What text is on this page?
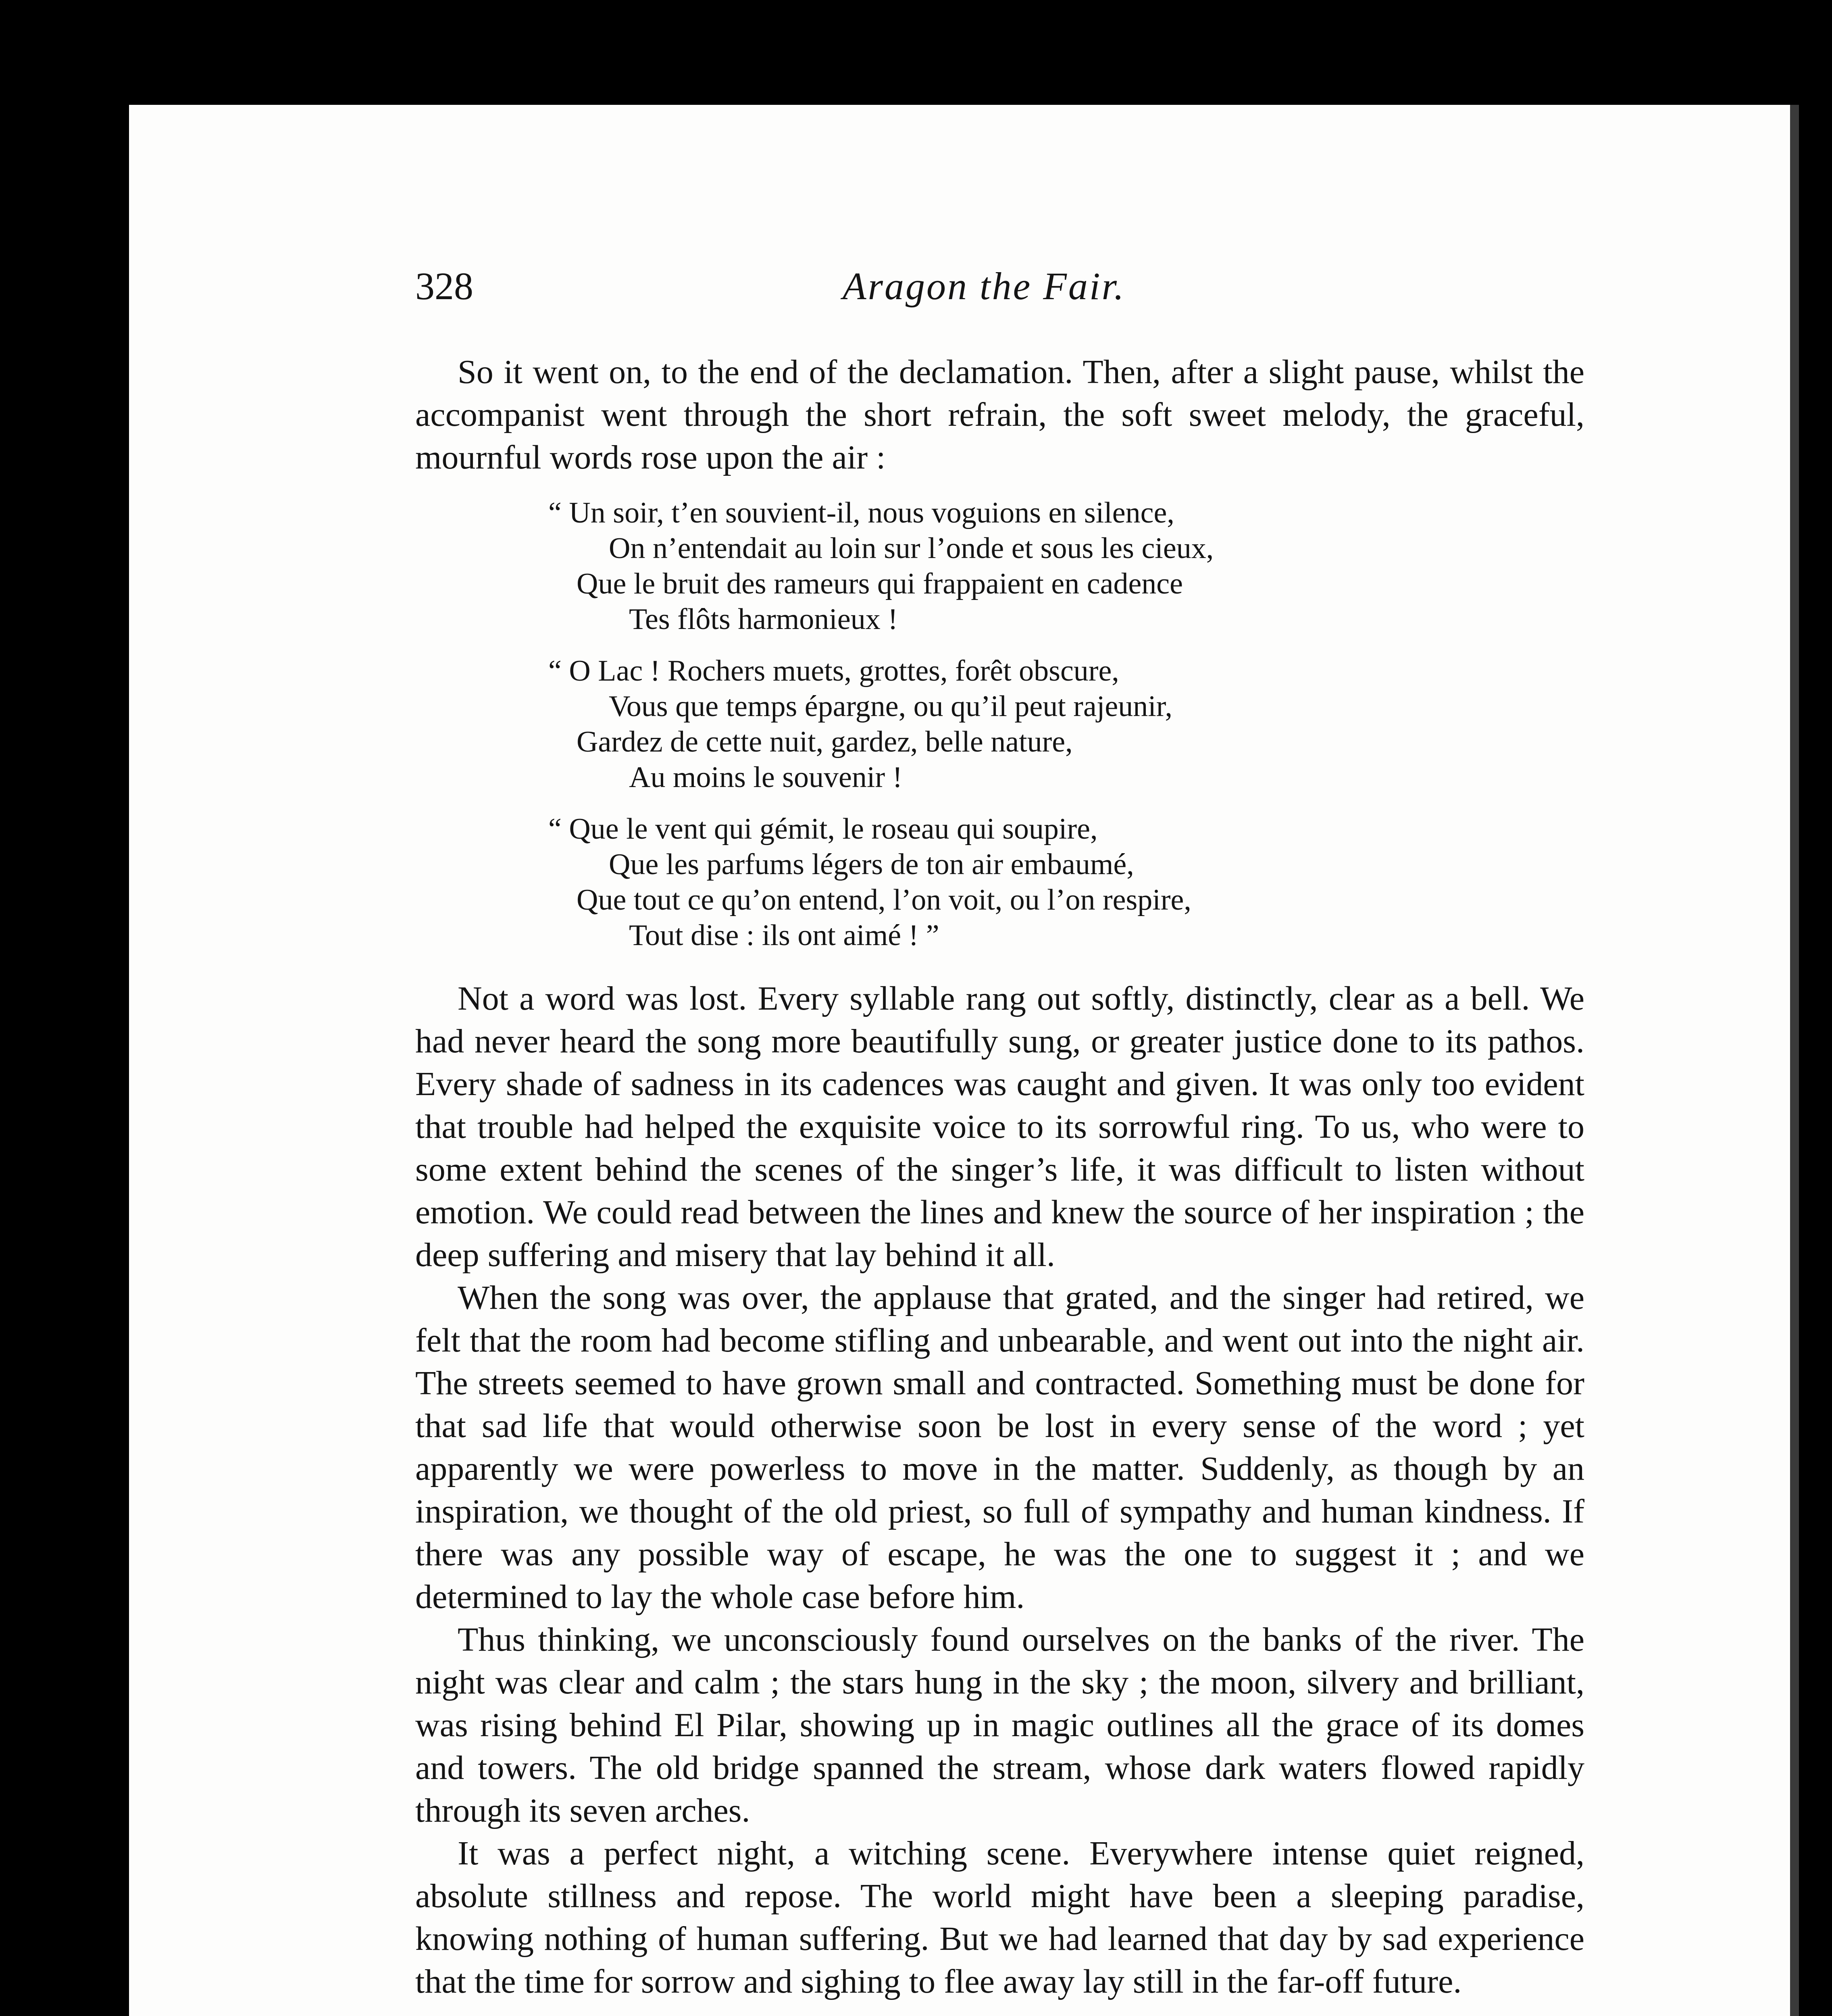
328	Aragon the Fair.

So it went on, to the end of the declamation. Then, after a slight pause, whilst the accompanist went through the short refrain, the soft sweet melody, the graceful, mournful words rose upon the air :

“ Un soir, t’en souvient-il, nous voguions en silence,
On n’entendait au loin sur l’onde et sous les cieux,
Que le bruit des rameurs qui frappaient en cadence
Tes flôts harmonieux !
“ O Lac ! Rochers muets, grottes, forêt obscure,
Vous que temps épargne, ou qu’il peut rajeunir,
Gardez de cette nuit, gardez, belle nature,
Au moins le souvenir !
“ Que le vent qui gémit, le roseau qui soupire,
Que les parfums légers de ton air embaumé,
Que tout ce qu’on entend, l’on voit, ou l’on respire,
Tout dise : ils ont aimé ! ”

Not a word was lost. Every syllable rang out softly, distinctly, clear as a bell. We had never heard the song more beautifully sung, or greater justice done to its pathos. Every shade of sadness in its cadences was caught and given. It was only too evident that trouble had helped the exquisite voice to its sorrowful ring. To us, who were to some extent behind the scenes of the singer’s life, it was difficult to listen without emotion. We could read between the lines and knew the source of her inspiration ; the deep suffering and misery that lay behind it all.

When the song was over, the applause that grated, and the singer had retired, we felt that the room had become stifling and unbearable, and went out into the night air. The streets seemed to have grown small and contracted. Something must be done for that sad life that would otherwise soon be lost in every sense of the word ; yet apparently we were powerless to move in the matter. Suddenly, as though by an inspiration, we thought of the old priest, so full of sympathy and human kindness. If there was any possible way of escape, he was the one to suggest it ; and we determined to lay the whole case before him.

Thus thinking, we unconsciously found ourselves on the banks of the river. The night was clear and calm ; the stars hung in the sky ; the moon, silvery and brilliant, was rising behind El Pilar, showing up in magic outlines all the grace of its domes and towers. The old bridge spanned the stream, whose dark waters flowed rapidly through its seven arches.

It was a perfect night, a witching scene. Everywhere intense quiet reigned, absolute stillness and repose. The world might have been a sleeping paradise, knowing nothing of human suffering. But we had learned that day by sad experience that the time for sorrow and sighing to flee away lay still in the far-off future.
